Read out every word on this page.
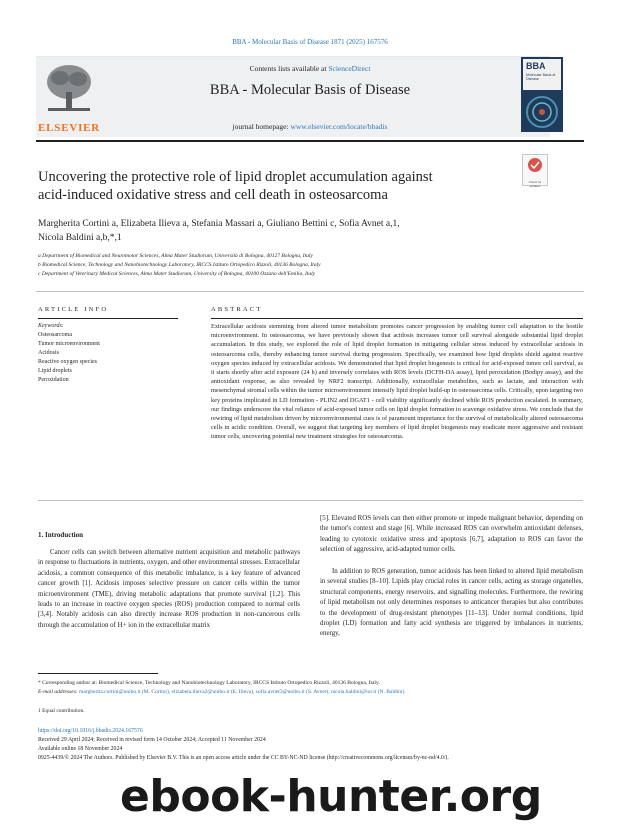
BBA - Molecular Basis of Disease 1871 (2025) 167576
ELSEVIER
Contents lists available at ScienceDirect
BBA - Molecular Basis of Disease
journal homepage: www.elsevier.com/locate/bbadis
BBA
Molecular Basis of Disease
Uncovering the protective role of lipid droplet accumulation against
acid-induced oxidative stress and cell death in osteosarcoma
Check for updates
Margherita Cortini a, Elizabeta Ilieva a, Stefania Massari a, Giuliano Bettini c, Sofia Avnet a,1,
Nicola Baldini a,b,*,1
a Department of Biomedical and Neuromotor Sciences, Alma Mater Studiorum, Università di Bologna, 40127 Bologna, Italy
b Biomedical Science, Technology and Nanobiotechnology Laboratory, IRCCS Istituto Ortopedico Rizzoli, 40136 Bologna, Italy
c Department of Veterinary Medical Sciences, Alma Mater Studiorum, University of Bologna, 40100 Ozzano dell'Emilia, Italy
ARTICLE INFO
Keywords:
Osteosarcoma
Tumor microenvironment
Acidosis
Reactive oxygen species
Lipid droplets
Peroxidation
ABSTRACT
Extracellular acidosis stemming from altered tumor metabolism promotes cancer progression by enabling tumor cell adaptation to the hostile microenvironment. In osteosarcoma, we have previously shown that acidosis increases tumor cell survival alongside substantial lipid droplet accumulation. In this study, we explored the role of lipid droplet formation in mitigating cellular stress induced by extracellular acidosis in osteosarcoma cells, thereby enhancing tumor survival during progression. Specifically, we examined how lipid droplets shield against reactive oxygen species induced by extracellular acidosis. We demonstrated that lipid droplet biogenesis is critical for acid-exposed tumor cell survival, as it starts shortly after acid exposure (24 h) and inversely correlates with ROS levels (DCFH-DA assay), lipid peroxidation (Bodipy assay), and the antioxidant response, as also revealed by NRF2 transcript. Additionally, extracellular metabolites, such as lactate, and interaction with mesenchymal stromal cells within the tumor microenvironment intensify lipid droplet build-up in osteosarcoma cells. Critically, upon targeting two key proteins implicated in LD formation - PLIN2 and DGAT1 - cell viability significantly declined while ROS production escalated. In summary, our findings underscore the vital reliance of acid-exposed tumor cells on lipid droplet formation to scavenge oxidative stress. We conclude that the rewiring of lipid metabolism driven by microenvironmental cues is of paramount importance for the survival of metabolically altered osteosarcoma cells in acidic condition. Overall, we suggest that targeting key members of lipid droplet biogenesis may eradicate more aggressive and resistant tumor cells, uncovering potential new treatment strategies for osteosarcoma.
1. Introduction
Cancer cells can switch between alternative nutrient acquisition and metabolic pathways in response to fluctuations in nutrients, oxygen, and other environmental stresses. Extracellular acidosis, a common consequence of this metabolic imbalance, is a key feature of advanced cancer growth [1]. Acidosis imposes selective pressure on cancer cells within the tumor microenvironment (TME), driving metabolic adaptations that promote survival [1,2]. This leads to an increase in reactive oxygen species (ROS) production compared to normal cells [3,4]. Notably acidosis can also directly increase ROS production in non-cancerous cells through the accumulation of H+ ion in the extracellular matrix
[5]. Elevated ROS levels can then either promote or impede malignant behavior, depending on the tumor's context and stage [6]. While increased ROS can overwhelm antioxidant defenses, leading to cytotoxic oxidative stress and apoptosis [6,7], adaptation to ROS can favor the selection of aggressive, acid-adapted tumor cells.
In addition to ROS generation, tumor acidosis has been linked to altered lipid metabolism in several studies [8–10]. Lipids play crucial roles in cancer cells, acting as storage organelles, structural components, energy reservoirs, and signalling molecules. Furthermore, the rewiring of lipid metabolism not only determines responses to anticancer therapies but also contributes to the development of drug-resistant phenotypes [11–13]. Under normal conditions, lipid droplet (LD) formation and fatty acid synthesis are triggered by imbalances in nutrients, energy,
* Corresponding author at: Biomedical Science, Technology and Nanobiotechnology Laboratory, IRCCS Istituto Ortopedico Rizzoli, 40136 Bologna, Italy.
E-mail addresses: margherita.cortini@unibo.it (M. Cortini), elizabeta.ilieva2@unibo.it (E. Ilieva), sofia.avnet3@unibo.it (S. Avnet), nicola.baldini@ior.it (N. Baldini).
1 Equal contribution.
https://doi.org/10.1016/j.bbadis.2024.167576
Received 29 April 2024; Received in revised form 14 October 2024; Accepted 11 November 2024
Available online 18 November 2024
0925-4439/© 2024 The Authors. Published by Elsevier B.V. This is an open access article under the CC BY-NC-ND license (http://creativecommons.org/licenses/by-nc-nd/4.0/).
ebook-hunter.org
